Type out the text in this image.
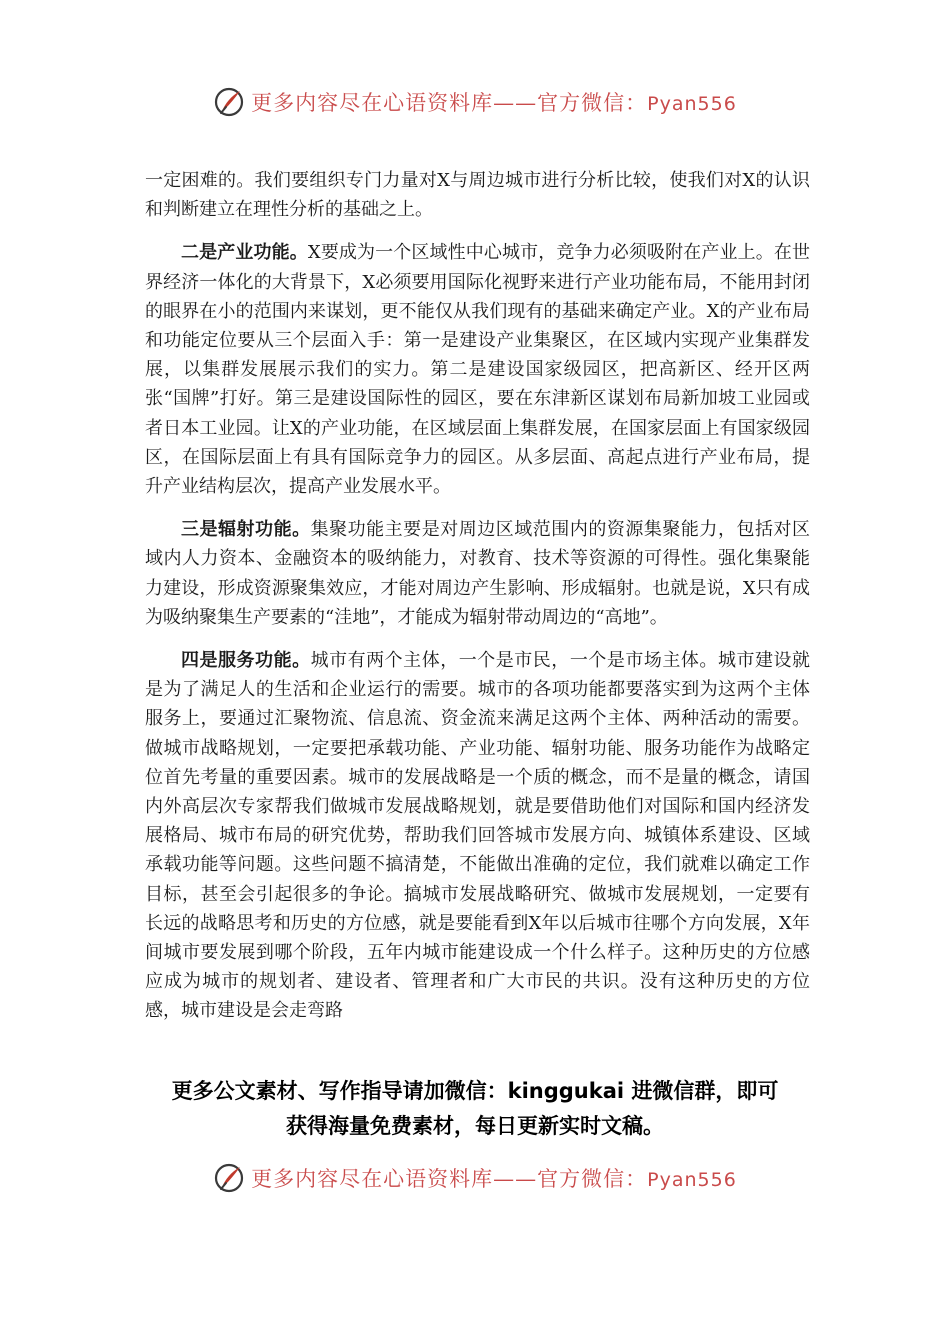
更多内容尽在心语资料库——官方微信：Pyan556

一定困难的。我们要组织专门力量对X与周边城市进行分析比较，使我们对X的认识和判断建立在理性分析的基础之上。

二是产业功能。X要成为一个区域性中心城市，竞争力必须吸附在产业上。在世界经济一体化的大背景下，X必须要用国际化视野来进行产业功能布局，不能用封闭的眼界在小的范围内来谋划，更不能仅从我们现有的基础来确定产业。X的产业布局和功能定位要从三个层面入手：第一是建设产业集聚区，在区域内实现产业集群发展，以集群发展展示我们的实力。第二是建设国家级园区，把高新区、经开区两张“国牌”打好。第三是建设国际性的园区，要在东津新区谋划布局新加坡工业园或者日本工业园。让X的产业功能，在区域层面上集群发展，在国家层面上有国家级园区，在国际层面上有具有国际竞争力的园区。从多层面、高起点进行产业布局，提升产业结构层次，提高产业发展水平。

三是辐射功能。集聚功能主要是对周边区域范围内的资源集聚能力，包括对区域内人力资本、金融资本的吸纳能力，对教育、技术等资源的可得性。强化集聚能力建设，形成资源聚集效应，才能对周边产生影响、形成辐射。也就是说，X只有成为吸纳聚集生产要素的“洼地”，才能成为辐射带动周边的“高地”。

四是服务功能。城市有两个主体，一个是市民，一个是市场主体。城市建设就是为了满足人的生活和企业运行的需要。城市的各项功能都要落实到为这两个主体服务上，要通过汇聚物流、信息流、资金流来满足这两个主体、两种活动的需要。做城市战略规划，一定要把承载功能、产业功能、辐射功能、服务功能作为战略定位首先考量的重要因素。城市的发展战略是一个质的概念，而不是量的概念，请国内外高层次专家帮我们做城市发展战略规划，就是要借助他们对国际和国内经济发展格局、城市布局的研究优势，帮助我们回答城市发展方向、城镇体系建设、区域承载功能等问题。这些问题不搞清楚，不能做出准确的定位，我们就难以确定工作目标，甚至会引起很多的争论。搞城市发展战略研究、做城市发展规划，一定要有长远的战略思考和历史的方位感，就是要能看到X年以后城市往哪个方向发展，X年间城市要发展到哪个阶段，五年内城市能建设成一个什么样子。这种历史的方位感应成为城市的规划者、建设者、管理者和广大市民的共识。没有这种历史的方位感，城市建设是会走弯路

更多公文素材、写作指导请加微信：kinggukai 进微信群，即可
获得海量免费素材，每日更新实时文稿。
更多内容尽在心语资料库——官方微信：Pyan556
